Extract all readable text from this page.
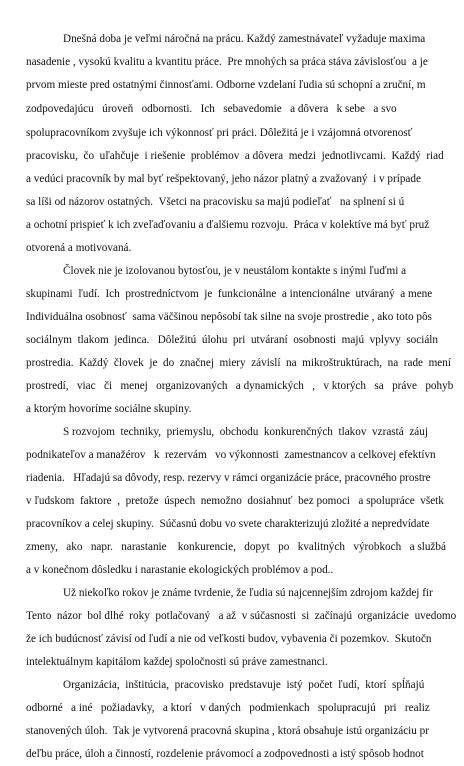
Dnešná doba je veľmi náročná na prácu. Každý zamestnávateľ vyžaduje maxima
nasadenie , vysokú kvalitu a kvantitu práce.  Pre mnohých sa práca stáva závislosťou  a je
prvom mieste pred ostatnými činnosťami. Odborne vzdelaní ľudia sú schopní a zruční, m
zodpovedajúcu   úroveň   odbornosti.   Ich   sebavedomie   a dôvera   k sebe   a svo
spolupracovníkom zvyšuje ich výkonnosť pri práci. Dôležitá je i vzájomná otvorenosť
pracovisku,  čo  uľahčuje  i riešenie  problémov  a dôvera  medzi  jednotlivcami.  Každý  riad
a vedúci pracovník by mal byť rešpektovaný, jeho názor platný a zvažovaný  i v prípade
sa líši od názorov ostatných.  Všetci na pracovisku sa majú podieľať   na splnení si ú
a ochotní prispieť k ich zveľaďovaniu a ďalšiemu rozvoju.  Práca v kolektíve má byť pruž
otvorená a motivovaná.
Človek nie je izolovanou bytosťou, je v neustálom kontakte s inými ľuďmi a
skupinami  ľudí.  Ich  prostredníctvom  je  funkcionálne  a intencionálne  utváraný  a mene
Individuálna osobnosť  sama väčšinou nepôsobí tak silne na svoje prostredie , ako toto pôs
sociálnym  tlakom  jedinca.   Dôležitú  úlohu  pri  utváraní  osobnosti  majú  vplyvy  sociáln
prostredia.  Každý  človek  je  do  značnej  miery  závislí  na  mikroštruktúrach,  na  rade  mení
prostredí,   viac   či   menej   organizovaných   a dynamických   ,   v ktorých   sa   práve   pohyb
a ktorým hovoríme sociálne skupiny.
S rozvojom  techniky,  priemyslu,  obchodu  konkurenčných  tlakov  vzrastá  záuj
podnikateľov a manažérov   k  rezervám   vo výkonnosti  zamestnancov a celkovej efektívn
riadenia.   Hľadajú sa dôvody, resp. rezervy v rámci organizácie práce, pracovného prostre
v ľudskom  faktore  ,  pretože  úspech  nemožno  dosiahnuť  bez pomoci   a spolupráce  všetk
pracovníkov a celej skupiny.  Súčasnú dobu vo svete charakterizujú zložité a nepredvídate
zmeny,   ako   napr.   narastanie    konkurencie,   dopyt   po   kvalitných   výrobkoch   a službá
a v konečnom dôsledku i narastanie ekologických problémov a pod..
Už niekoľko rokov je známe tvrdenie, že ľudia sú najcennejším zdrojom každej fir
Tento  názor  bol dlhé  roky  potlačovaný   a až  v súčasnosti  si  začínajú  organizácie  uvedomo
že ich budúcnosť závisí od ľudí a nie od veľkosti budov, vybavenia či pozemkov.  Skutočn
intelektuálnym kapitálom každej spoločnosti sú práve zamestnanci.
Organizácia,  inštitúcia,  pracovisko  predstavuje  istý  počet  ľudí,  ktorí  spĺňajú
odborné   a iné   požiadavky,   a ktorí   v daných   podmienkach   spolupracujú   pri   realiz
stanovených úloh.  Tak je vytvorená pracovná skupina , ktorá obsahuje istú organizáciu pr
deľbu práce, úloh a činností, rozdelenie právomocí a zodpovednosti a istý spôsob hodnot
